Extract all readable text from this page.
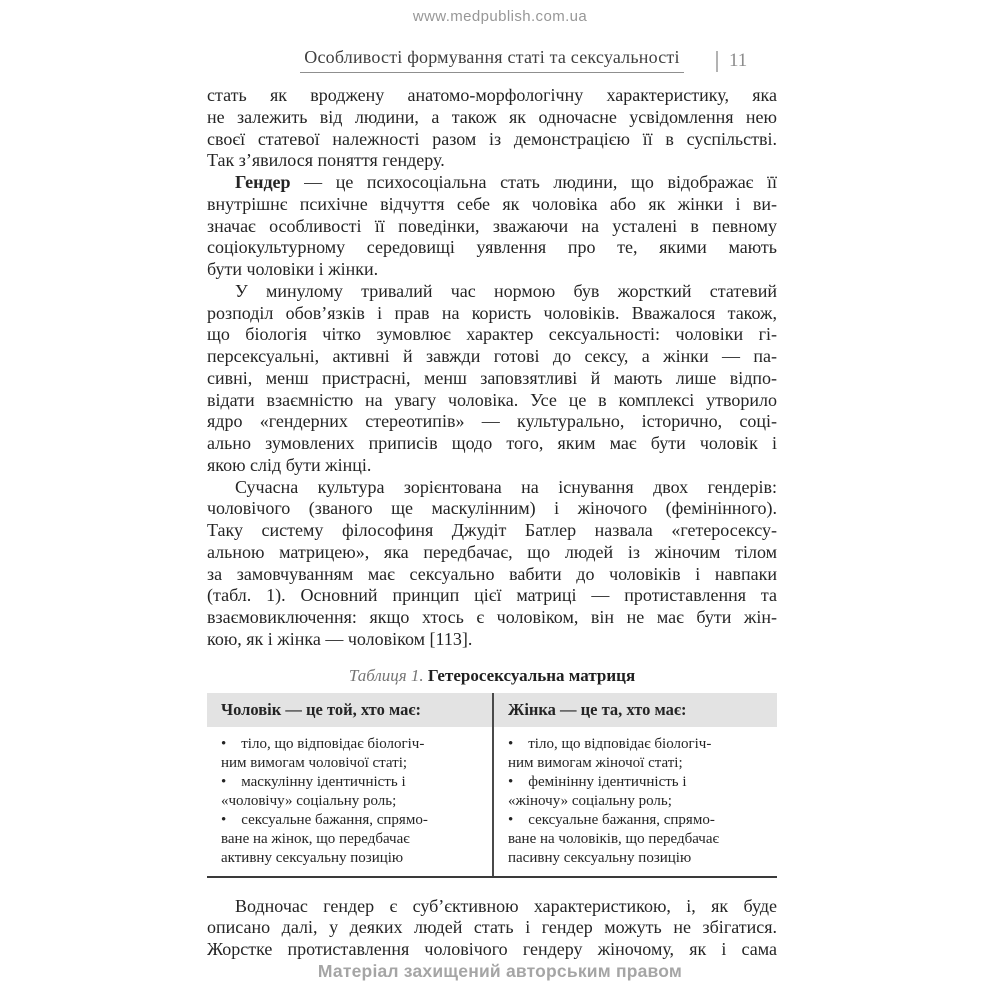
www.medpublish.com.ua
Особливості формування статі та сексуальності	11
стать як вроджену анатомо-морфологічну характеристику, яка
не залежить від людини, а також як одночасне усвідомлення нею
своєї статевої належності разом із демонстрацією її в суспільстві.
Так з’явилося поняття гендеру.
Гендер — це психосоціальна стать людини, що відображає її
внутрішнє психічне відчуття себе як чоловіка або як жінки і ви-
значає особливості її поведінки, зважаючи на усталені в певному
соціокультурному середовищі уявлення про те, якими мають
бути чоловіки і жінки.
У минулому тривалий час нормою був жорсткий статевий
розподіл обов’язків і прав на користь чоловіків. Вважалося також,
що біологія чітко зумовлює характер сексуальності: чоловіки гі-
персексуальні, активні й завжди готові до сексу, а жінки — па-
сивні, менш пристрасні, менш заповзятливі й мають лише відпо-
відати взаємністю на увагу чоловіка. Усе це в комплексі утворило
ядро «гендерних стереотипів» — культурально, історично, соці-
ально зумовлених приписів щодо того, яким має бути чоловік і
якою слід бути жінці.
Сучасна культура зорієнтована на існування двох гендерів:
чоловічого (званого ще маскулінним) і жіночого (фемінінного).
Таку систему філософиня Джудіт Батлер назвала «гетеросексу-
альною матрицею», яка передбачає, що людей із жіночим тілом
за замовчуванням має сексуально вабити до чоловіків і навпаки
(табл. 1). Основний принцип цієї матриці — протиставлення та
взаємовиключення: якщо хтось є чоловіком, він не має бути жін-
кою, як і жінка — чоловіком [113].
Таблиця 1. Гетеросексуальна матриця
Чоловік — це той, хто має:
•    тіло, що відповідає біологіч-
ним вимогам чоловічої статі;
•    маскулінну ідентичність і
«чоловічу» соціальну роль;
•    сексуальне бажання, спрямо-
ване на жінок, що передбачає
активну сексуальну позицію
Жінка — це та, хто має:
•    тіло, що відповідає біологіч-
ним вимогам жіночої статі;
•    фемінінну ідентичність і
«жіночу» соціальну роль;
•    сексуальне бажання, спрямо-
ване на чоловіків, що передбачає
пасивну сексуальну позицію
Водночас гендер є суб’єктивною характеристикою, і, як буде
описано далі, у деяких людей стать і гендер можуть не збігатися.
Жорстке протиставлення чоловічого гендеру жіночому, як і сама
Матеріал захищений авторським правом
